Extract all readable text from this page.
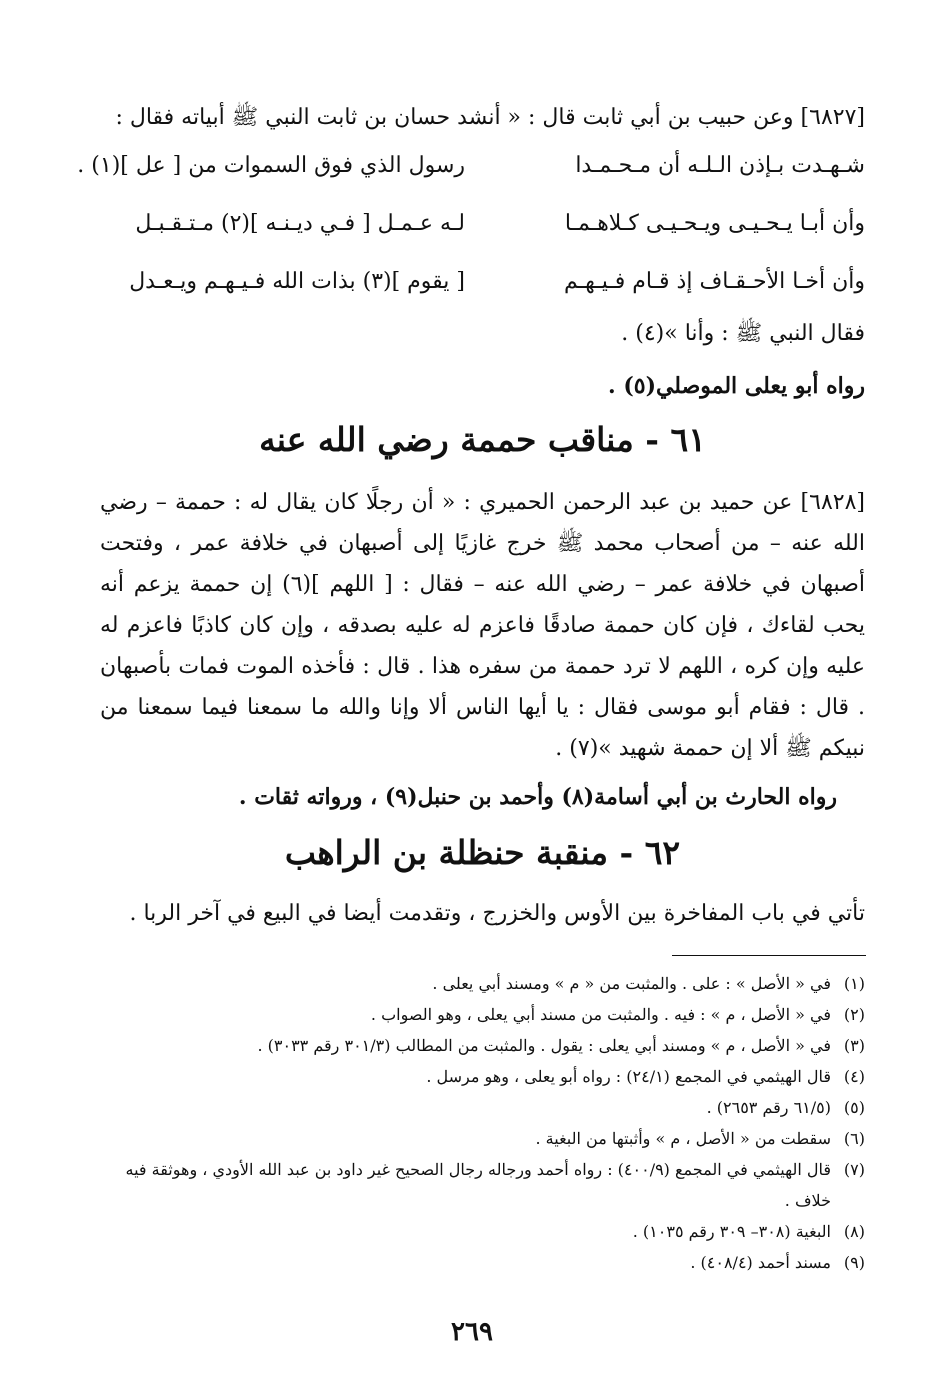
[٦٨٢٧] وعن حبيب بن أبي ثابت قال : « أنشد حسان بن ثابت النبي ﷺ أبياته فقال :
شـهـدت بـإذن الـلـه أن مـحـمـدا
رسول الذي فوق السموات من [ عل ](١) .
وأن أبـا يـحـيـى ويـحـيـى كـلاهـمـا
لـه عـمـل [ فـي ديـنـه ](٢) مـتـقـبـل
وأن أخـا الأحـقـاف إذ قـام فـيـهـم
[ يقوم ](٣) بذات الله فـيـهـم ويـعـدل
فقال النبي ﷺ : وأنا »(٤) .
رواه أبو يعلى الموصلي(٥) .
٦١ - مناقب حممة رضي الله عنه
[٦٨٢٨] عن حميد بن عبد الرحمن الحميري : « أن رجلًا كان يقال له : حممة – رضي الله عنه – من أصحاب محمد ﷺ خرج غازيًا إلى أصبهان في خلافة عمر ، وفتحت أصبهان في خلافة عمر – رضي الله عنه – فقال : [ اللهم ](٦) إن حممة يزعم أنه يحب لقاءك ، فإن كان حممة صادقًا فاعزم له عليه بصدقه ، وإن كان كاذبًا فاعزم له عليه وإن كره ، اللهم لا ترد حممة من سفره هذا . قال : فأخذه الموت فمات بأصبهان . قال : فقام أبو موسى فقال : يا أيها الناس ألا وإنا والله ما سمعنا فيما سمعنا من نبيكم ﷺ ألا إن حممة شهيد »(٧) .
رواه الحارث بن أبي أسامة(٨) وأحمد بن حنبل(٩) ، ورواته ثقات .
٦٢ - منقبة حنظلة بن الراهب
تأتي في باب المفاخرة بين الأوس والخزرج ، وتقدمت أيضا في البيع في آخر الربا .
(١)
في « الأصل » : على . والمثبت من « م » ومسند أبي يعلى .
(٢)
في « الأصل ، م » : فيه . والمثبت من مسند أبي يعلى ، وهو الصواب .
(٣)
في « الأصل ، م » ومسند أبي يعلى : يقول . والمثبت من المطالب (٣٠١/٣ رقم ٣٠٣٣) .
(٤)
قال الهيثمي في المجمع (٢٤/١) : رواه أبو يعلى ، وهو مرسل .
(٥)
(٦١/٥ رقم ٢٦٥٣) .
(٦)
سقطت من « الأصل ، م » وأثبتها من البغية .
(٧)
قال الهيثمي في المجمع (٤٠٠/٩) : رواه أحمد ورجاله رجال الصحيح غير داود بن عبد الله الأودي ، وهوثقة فيه خلاف .
(٨)
البغية (٣٠٨– ٣٠٩ رقم ١٠٣٥) .
(٩)
مسند أحمد (٤٠٨/٤) .
٢٦٩
